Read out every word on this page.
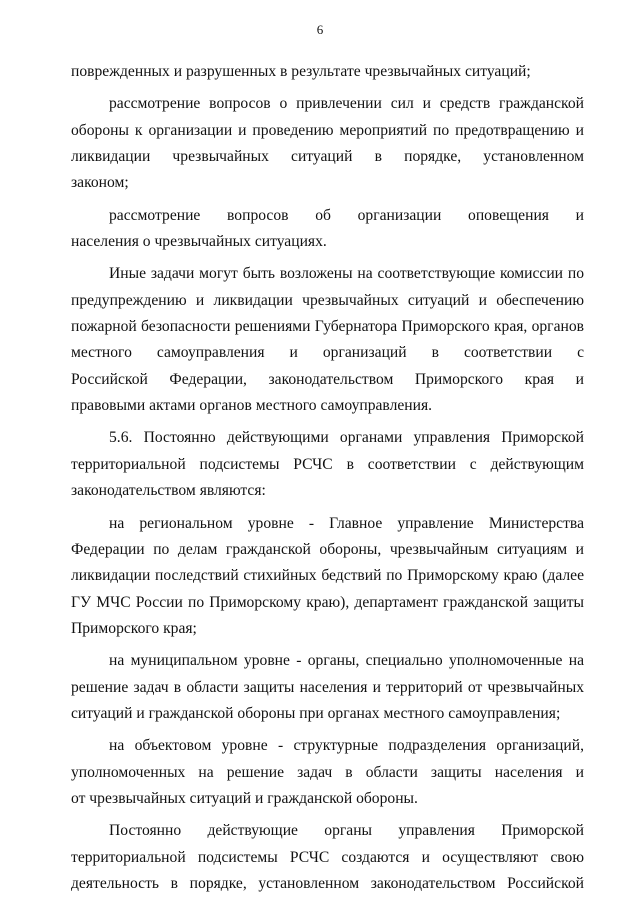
6
поврежденных и разрушенных в результате чрезвычайных ситуаций;
рассмотрение вопросов о привлечении сил и средств гражданской
обороны к организации и проведению мероприятий по предотвращению и
ликвидации чрезвычайных ситуаций в порядке, установленном
законом;
рассмотрение вопросов об организации оповещения и
населения о чрезвычайных ситуациях.
Иные задачи могут быть возложены на соответствующие комиссии по
предупреждению и ликвидации чрезвычайных ситуаций и обеспечению
пожарной безопасности решениями Губернатора Приморского края, органов
местного самоуправления и организаций в соответствии с
Российской Федерации, законодательством Приморского края и
правовыми актами органов местного самоуправления.
5.6. Постоянно действующими органами управления Приморской
территориальной подсистемы РСЧС в соответствии с действующим
законодательством являются:
на региональном уровне - Главное управление Министерства
Федерации по делам гражданской обороны, чрезвычайным ситуациям и
ликвидации последствий стихийных бедствий по Приморскому краю (далее
ГУ МЧС России по Приморскому краю), департамент гражданской защиты
Приморского края;
на муниципальном уровне - органы, специально уполномоченные на
решение задач в области защиты населения и территорий от чрезвычайных
ситуаций и гражданской обороны при органах местного самоуправления;
на объектовом уровне - структурные подразделения организаций,
уполномоченных на решение задач в области защиты населения и
от чрезвычайных ситуаций и гражданской обороны.
Постоянно действующие органы управления Приморской
территориальной подсистемы РСЧС создаются и осуществляют свою
деятельность в порядке, установленном законодательством Российской
